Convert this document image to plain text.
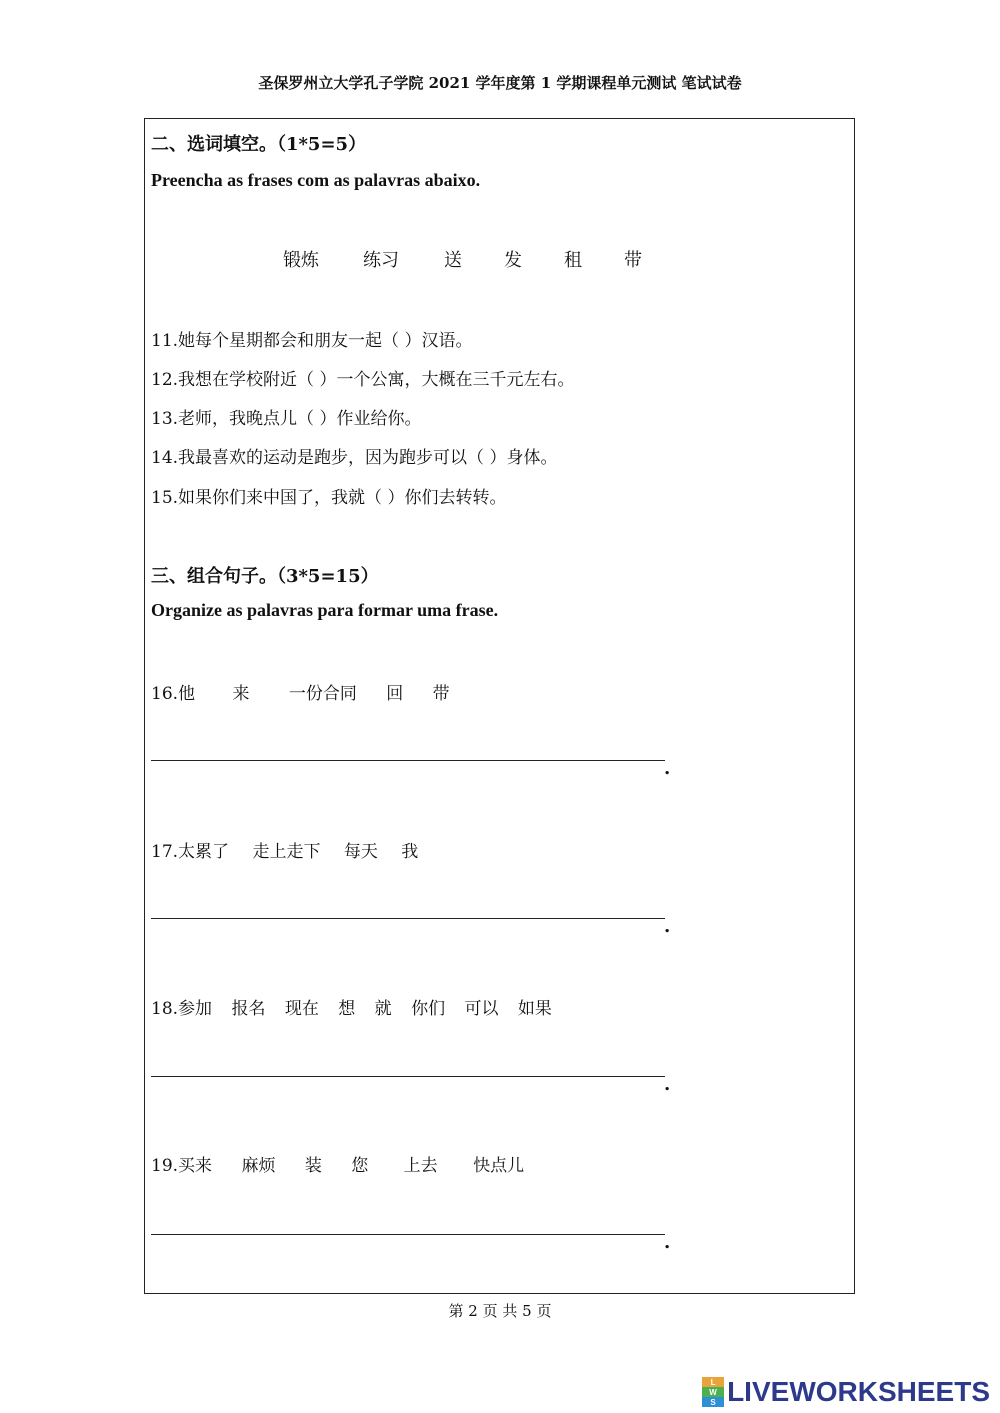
圣保罗州立大学孔子学院 2021 学年度第 1 学期课程单元测试 笔试试卷
二、选词填空。（1*5=5）
Preencha as frases com as palavras abaixo.
锻炼 练习	送 发 租 带
11.她每个星期都会和朋友一起（ ）汉语。
12.我想在学校附近（ ）一个公寓，大概在三千元左右。
13.老师，我晚点儿（ ）作业给你。
14.我最喜欢的运动是跑步，因为跑步可以（ ）身体。
15.如果你们来中国了，我就（ ）你们去转转。
三、组合句子。（3*5=15）
Organize as palavras para formar uma frase.
16.他 来 一份合同 回 带
.
17.太累了 走上走下 每天 我
.
18.参加 报名 现在 想 就 你们 可以 如果
.
19.买来 麻烦 装 您 上去 快点儿
.
第 2 页 共 5 页
L
W
S LIVEWORKSHEETS
